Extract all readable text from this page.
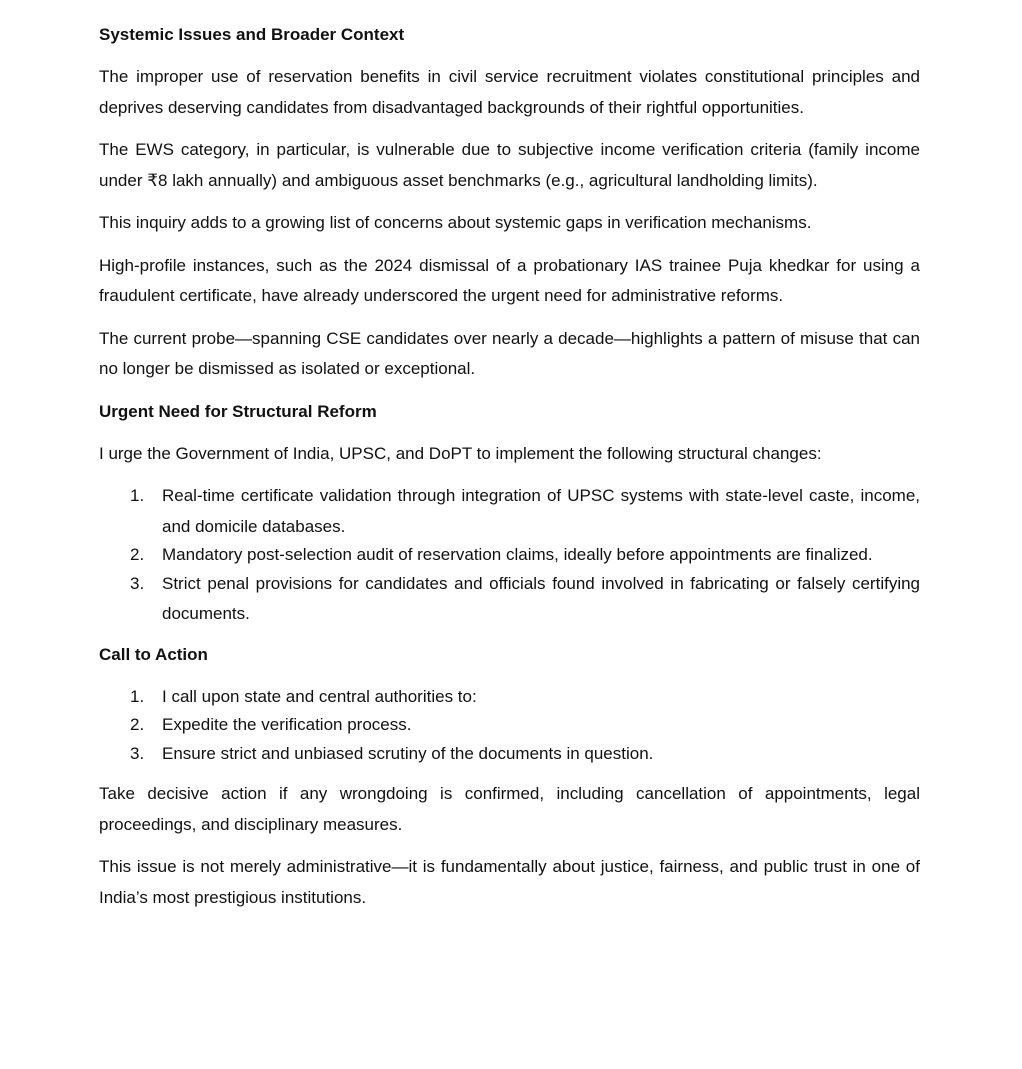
Systemic Issues and Broader Context

The improper use of reservation benefits in civil service recruitment violates constitutional principles and deprives deserving candidates from disadvantaged backgrounds of their rightful opportunities.

The EWS category, in particular, is vulnerable due to subjective income verification criteria (family income under ₹8 lakh annually) and ambiguous asset benchmarks (e.g., agricultural landholding limits).

This inquiry adds to a growing list of concerns about systemic gaps in verification mechanisms.

High-profile instances, such as the 2024 dismissal of a probationary IAS trainee Puja khedkar for using a fraudulent certificate, have already underscored the urgent need for administrative reforms.

The current probe—spanning CSE candidates over nearly a decade—highlights a pattern of misuse that can no longer be dismissed as isolated or exceptional.

Urgent Need for Structural Reform

I urge the Government of India, UPSC, and DoPT to implement the following structural changes:

1. Real-time certificate validation through integration of UPSC systems with state-level caste, income, and domicile databases.
2. Mandatory post-selection audit of reservation claims, ideally before appointments are finalized.
3. Strict penal provisions for candidates and officials found involved in fabricating or falsely certifying documents.
Call to Action
1. I call upon state and central authorities to:
2. Expedite the verification process.
3. Ensure strict and unbiased scrutiny of the documents in question.

Take decisive action if any wrongdoing is confirmed, including cancellation of appointments, legal proceedings, and disciplinary measures.

This issue is not merely administrative—it is fundamentally about justice, fairness, and public trust in one of India’s most prestigious institutions.
